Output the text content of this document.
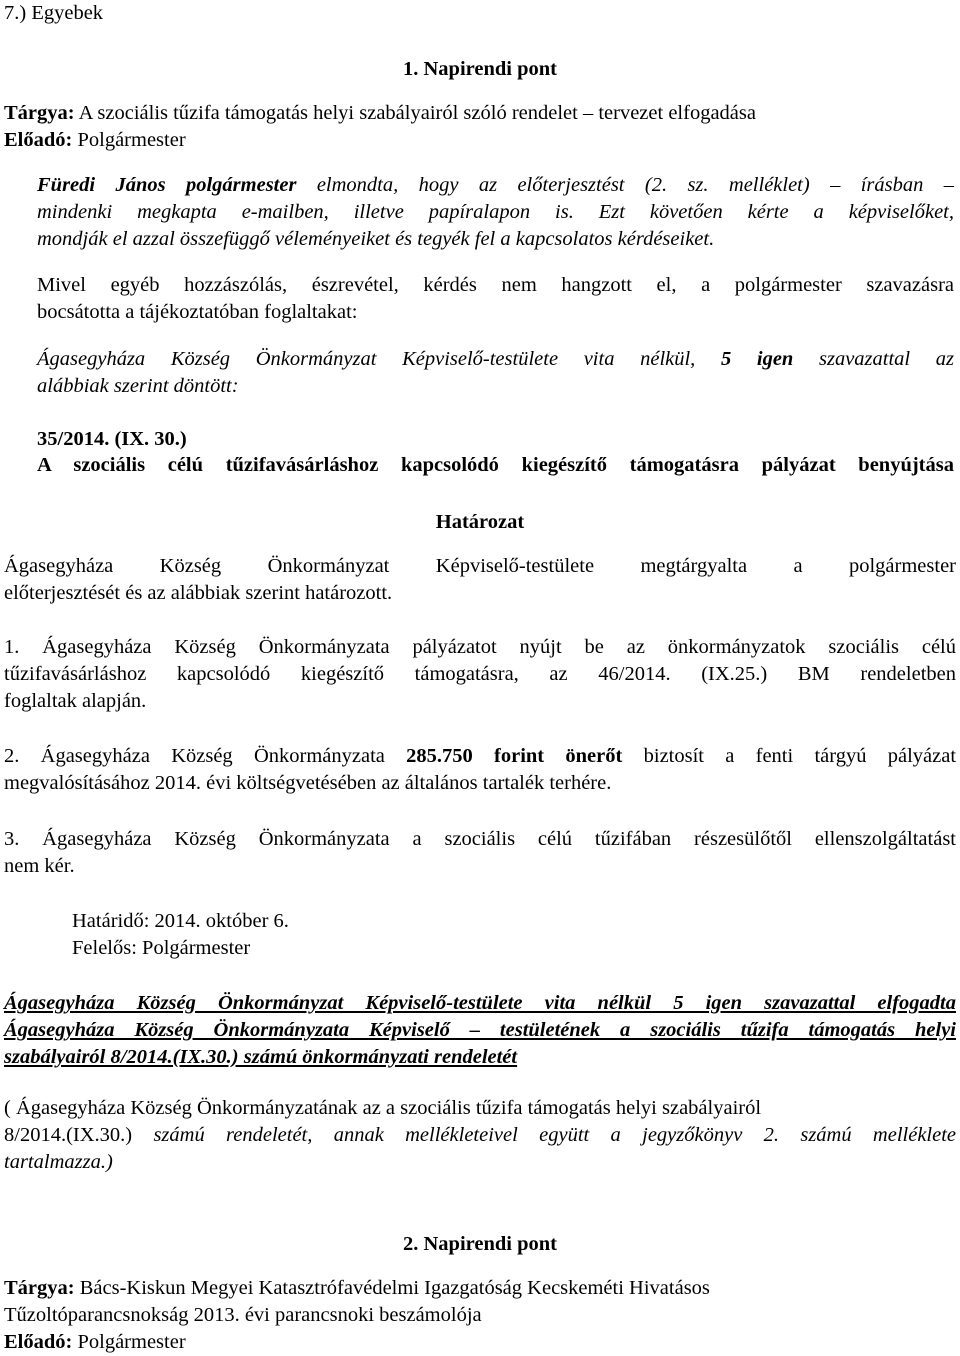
7.) Egyebek
1. Napirendi pont
Tárgya: A szociális tűzifa támogatás helyi szabályairól szóló rendelet – tervezet elfogadása
Előadó: Polgármester
Füredi János polgármester elmondta, hogy az előterjesztést (2. sz. melléklet) – írásban –
mindenki megkapta e-mailben, illetve papíralapon is. Ezt követően kérte a képviselőket,
mondják el azzal összefüggő véleményeiket és tegyék fel a kapcsolatos kérdéseiket.
Mivel egyéb hozzászólás, észrevétel, kérdés nem hangzott el, a polgármester szavazásra
bocsátotta a tájékoztatóban foglaltakat:
Ágasegyháza Község Önkormányzat Képviselő-testülete vita nélkül, 5 igen szavazattal az
alábbiak szerint döntött:
35/2014. (IX. 30.)
A szociális célú tűzifavásárláshoz kapcsolódó kiegészítő támogatásra pályázat benyújtása
Határozat
Ágasegyháza Község Önkormányzat Képviselő-testülete megtárgyalta a polgármester
előterjesztését és az alábbiak szerint határozott.
1. Ágasegyháza Község Önkormányzata pályázatot nyújt be az önkormányzatok szociális célú
tűzifavásárláshoz kapcsolódó kiegészítő támogatásra, az 46/2014. (IX.25.) BM rendeletben
foglaltak alapján.
2. Ágasegyháza Község Önkormányzata 285.750 forint önerőt biztosít a fenti tárgyú pályázat
megvalósításához 2014. évi költségvetésében az általános tartalék terhére.
3. Ágasegyháza Község Önkormányzata a szociális célú tűzifában részesülőtől ellenszolgáltatást
nem kér.
Határidő: 2014. október 6.
Felelős: Polgármester
Ágasegyháza Község Önkormányzat Képviselő-testülete vita nélkül 5 igen szavazattal elfogadta
Ágasegyháza Község Önkormányzata Képviselő – testületének a szociális tűzifa támogatás helyi
szabályairól 8/2014.(IX.30.) számú önkormányzati rendeletét
( Ágasegyháza Község Önkormányzatának az a szociális tűzifa támogatás helyi szabályairól
8/2014.(IX.30.) számú rendeletét, annak mellékleteivel együtt a jegyzőkönyv 2. számú melléklete
tartalmazza.)
2. Napirendi pont
Tárgya: Bács-Kiskun Megyei Katasztrófavédelmi Igazgatóság Kecskeméti Hivatásos
Tűzoltóparancsnokság 2013. évi parancsnoki beszámolója
Előadó: Polgármester
